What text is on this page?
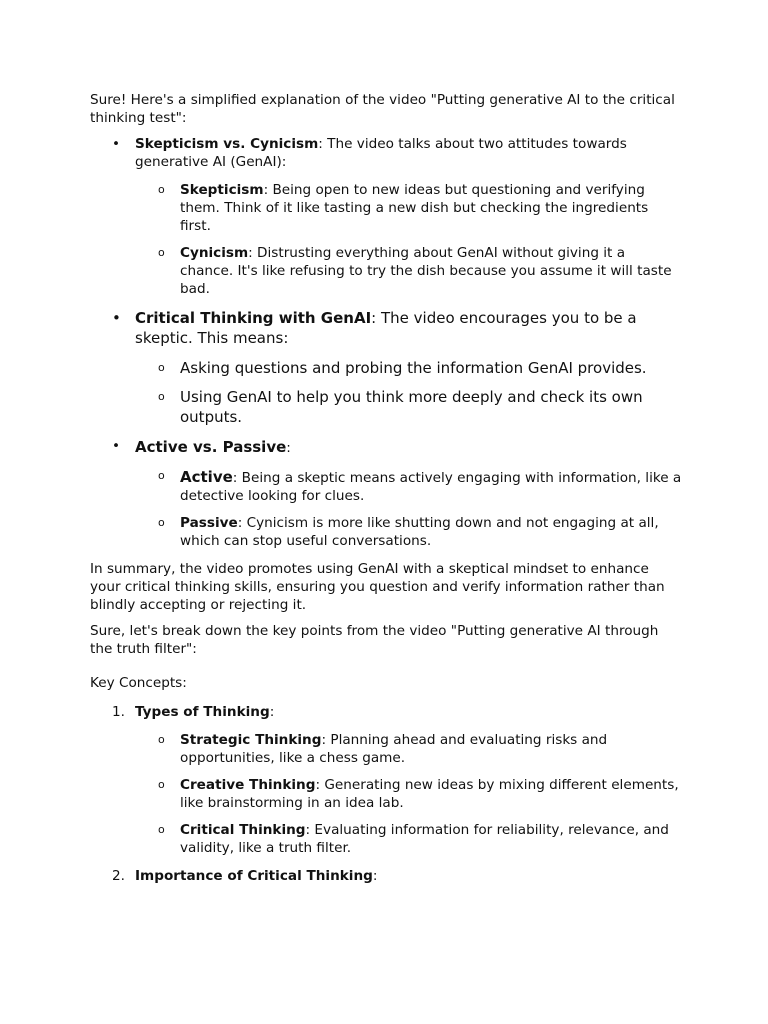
Sure! Here's a simplified explanation of the video "Putting generative AI to the critical thinking test":

• Skepticism vs. Cynicism: The video talks about two attitudes towards generative AI (GenAI):
o Skepticism: Being open to new ideas but questioning and verifying them. Think of it like tasting a new dish but checking the ingredients first.
o Cynicism: Distrusting everything about GenAI without giving it a chance. It's like refusing to try the dish because you assume it will taste bad.
• Critical Thinking with GenAI: The video encourages you to be a skeptic. This means:
o Asking questions and probing the information GenAI provides.
o Using GenAI to help you think more deeply and check its own outputs.
• Active vs. Passive:
o Active: Being a skeptic means actively engaging with information, like a detective looking for clues.
o Passive: Cynicism is more like shutting down and not engaging at all, which can stop useful conversations.

In summary, the video promotes using GenAI with a skeptical mindset to enhance your critical thinking skills, ensuring you question and verify information rather than blindly accepting or rejecting it.

Sure, let's break down the key points from the video "Putting generative AI through the truth filter":

Key Concepts:

1. Types of Thinking:
o Strategic Thinking: Planning ahead and evaluating risks and opportunities, like a chess game.
o Creative Thinking: Generating new ideas by mixing different elements, like brainstorming in an idea lab.
o Critical Thinking: Evaluating information for reliability, relevance, and validity, like a truth filter.
2. Importance of Critical Thinking:
